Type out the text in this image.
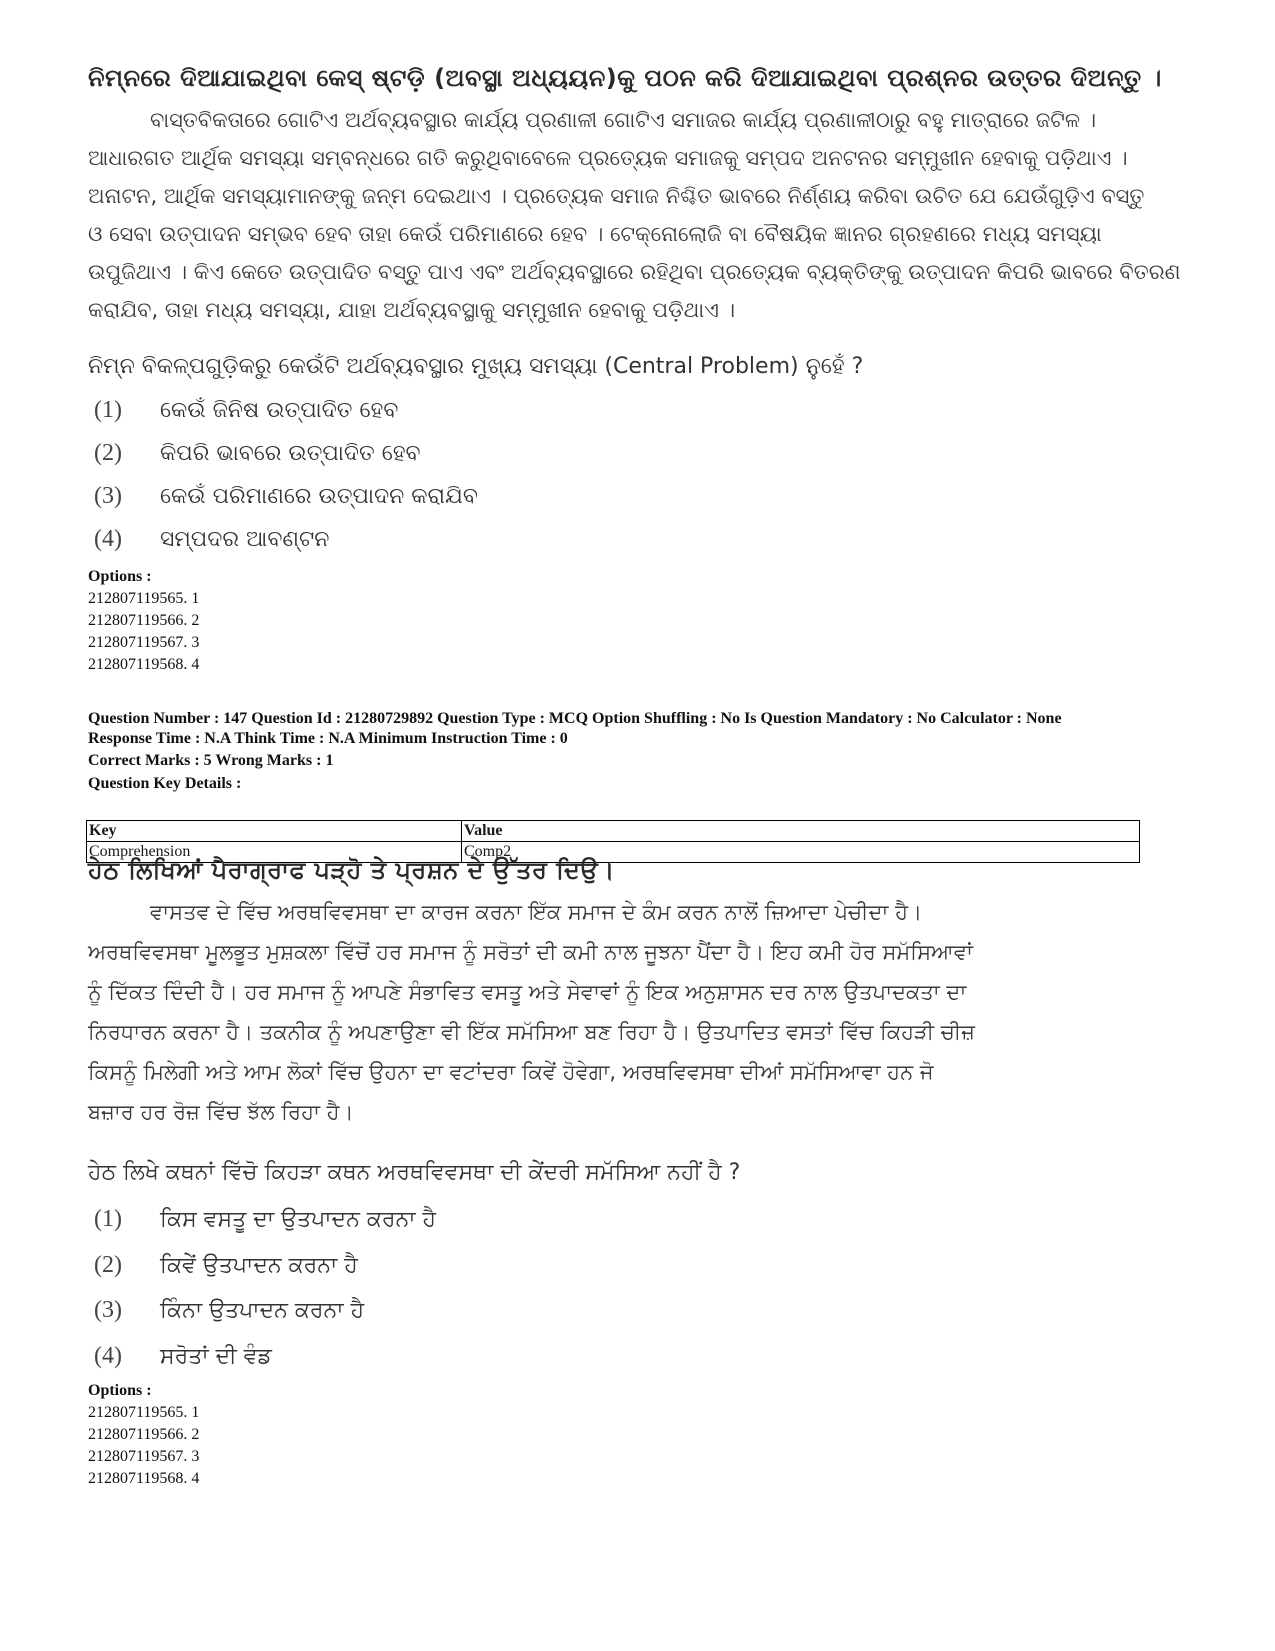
ନିମ୍ନରେ ଦିଆଯାଇଥିବା କେସ୍ ଷ୍ଟଡ଼ି (ଅବସ୍ଥା ଅଧ୍ୟୟନ)କୁ ପଠନ କରି ଦିଆଯାଇଥିବା ପ୍ରଶ୍ନର ଉତ୍ତର ଦିଅନ୍ତୁ ।
ବାସ୍ତବିକତାରେ ଗୋଟିଏ ଅର୍ଥବ୍ୟବସ୍ଥାର କାର୍ଯ୍ୟ ପ୍ରଣାଳୀ ଗୋଟିଏ ସମାଜର କାର୍ଯ୍ୟ ପ୍ରଣାଳୀଠାରୁ ବହୁ ମାତ୍ରାରେ ଜଟିଳ ।
ଆଧାରଗତ ଆର୍ଥିକ ସମସ୍ୟା ସମ୍ବନ୍ଧରେ ଗତି କରୁଥିବାବେଳେ ପ୍ରତ୍ୟେକ ସମାଜକୁ ସମ୍ପଦ ଅନଟନର ସମ୍ମୁଖୀନ ହେବାକୁ ପଡ଼ିଥାଏ ।
ଅନାଟନ, ଆର୍ଥିକ ସମସ୍ୟାମାନଙ୍କୁ ଜନ୍ମ ଦେଇଥାଏ । ପ୍ରତ୍ୟେକ ସମାଜ ନିଶ୍ଚିତ ଭାବରେ ନିର୍ଣ୍ଣୟ କରିବା ଉଚିତ ଯେ ଯେଉଁଗୁଡ଼ିଏ ବସ୍ତୁ
ଓ ସେବା ଉତ୍ପାଦନ ସମ୍ଭବ ହେବ ତାହା କେଉଁ ପରିମାଣରେ ହେବ । ଟେକ୍ନୋଲୋଜି ବା ବୈଷୟିକ ଜ୍ଞାନର ଗ୍ରହଣରେ ମଧ୍ୟ ସମସ୍ୟା
ଉପୁଜିଥାଏ । କିଏ କେତେ ଉତ୍ପାଦିତ ବସ୍ତୁ ପାଏ ଏବଂ ଅର୍ଥବ୍ୟବସ୍ଥାରେ ରହିଥିବା ପ୍ରତ୍ୟେକ ବ୍ୟକ୍ତିଙ୍କୁ ଉତ୍ପାଦନ କିପରି ଭାବରେ ବିତରଣ
କରାଯିବ, ତାହା ମଧ୍ୟ ସମସ୍ୟା, ଯାହା ଅର୍ଥବ୍ୟବସ୍ଥାକୁ ସମ୍ମୁଖୀନ ହେବାକୁ ପଡ଼ିଥାଏ ।
ନିମ୍ନ ବିକଳ୍ପଗୁଡ଼ିକରୁ କେଉଁଟି ଅର୍ଥବ୍ୟବସ୍ଥାର ମୁଖ୍ୟ ସମସ୍ୟା (Central Problem) ନୁହେଁ ?
(1) କେଉଁ ଜିନିଷ ଉତ୍ପାଦିତ ହେବ
(2) କିପରି ଭାବରେ ଉତ୍ପାଦିତ ହେବ
(3) କେଉଁ ପରିମାଣରେ ଉତ୍ପାଦନ କରାଯିବ
(4) ସମ୍ପଦର ଆବଣ୍ଟନ
Options :
212807119565. 1
212807119566. 2
212807119567. 3
212807119568. 4
Question Number : 147 Question Id : 21280729892 Question Type : MCQ Option Shuffling : No Is Question Mandatory : No Calculator : None
Response Time : N.A Think Time : N.A Minimum Instruction Time : 0
Correct Marks : 5 Wrong Marks : 1
Question Key Details :
Key	Value
Comprehension	Comp2
ਹੇਠ ਲਿਖਿਆਂ ਪੈਰਾਗ੍ਰਾਫ ਪੜ੍ਹੋ ਤੇ ਪ੍ਰਸ਼ਨ ਦੇ ਉੱਤਰ ਦਿਉ।
ਵਾਸਤਵ ਦੇ ਵਿੱਚ ਅਰਥਵਿਵਸਥਾ ਦਾ ਕਾਰਜ ਕਰਨਾ ਇੱਕ ਸਮਾਜ ਦੇ ਕੰਮ ਕਰਨ ਨਾਲੋਂ ਜ਼ਿਆਦਾ ਪੇਚੀਦਾ ਹੈ।
ਅਰਥਵਿਵਸਥਾ ਮੂਲਭੂਤ ਮੁਸ਼ਕਲਾ ਵਿੱਚੋਂ ਹਰ ਸਮਾਜ ਨੂੰ ਸਰੋਤਾਂ ਦੀ ਕਮੀ ਨਾਲ ਜੂਝਨਾ ਪੈਂਦਾ ਹੈ। ਇਹ ਕਮੀ ਹੋਰ ਸਮੱਸਿਆਵਾਂ
ਨੂੰ ਦਿੱਕਤ ਦਿੰਦੀ ਹੈ। ਹਰ ਸਮਾਜ ਨੂੰ ਆਪਣੇ ਸੰਭਾਵਿਤ ਵਸਤੂ ਅਤੇ ਸੇਵਾਵਾਂ ਨੂੰ ਇਕ ਅਨੁਸ਼ਾਸਨ ਦਰ ਨਾਲ ਉਤਪਾਦਕਤਾ ਦਾ
ਨਿਰਧਾਰਨ ਕਰਨਾ ਹੈ। ਤਕਨੀਕ ਨੂੰ ਅਪਣਾਉਣਾ ਵੀ ਇੱਕ ਸਮੱਸਿਆ ਬਣ ਰਿਹਾ ਹੈ। ਉਤਪਾਦਿਤ ਵਸਤਾਂ ਵਿੱਚ ਕਿਹੜੀ ਚੀਜ਼
ਕਿਸਨੂੰ ਮਿਲੇਗੀ ਅਤੇ ਆਮ ਲੋਕਾਂ ਵਿੱਚ ਉਹਨਾ ਦਾ ਵਟਾਂਦਰਾ ਕਿਵੇਂ ਹੋਵੇਗਾ, ਅਰਥਵਿਵਸਥਾ ਦੀਆਂ ਸਮੱਸਿਆਵਾ ਹਨ ਜੋ
ਬਜ਼ਾਰ ਹਰ ਰੋਜ਼ ਵਿੱਚ ਝੱਲ ਰਿਹਾ ਹੈ।
ਹੇਠ ਲਿਖੇ ਕਥਨਾਂ ਵਿੱਚੋ ਕਿਹੜਾ ਕਥਨ ਅਰਥਵਿਵਸਥਾ ਦੀ ਕੇਂਦਰੀ ਸਮੱਸਿਆ ਨਹੀਂ ਹੈ ?
(1) ਕਿਸ ਵਸਤੂ ਦਾ ਉਤਪਾਦਨ ਕਰਨਾ ਹੈ
(2) ਕਿਵੇਂ ਉਤਪਾਦਨ ਕਰਨਾ ਹੈ
(3) ਕਿੰਨਾ ਉਤਪਾਦਨ ਕਰਨਾ ਹੈ
(4) ਸਰੋਤਾਂ ਦੀ ਵੰਡ
Options :
212807119565. 1
212807119566. 2
212807119567. 3
212807119568. 4
